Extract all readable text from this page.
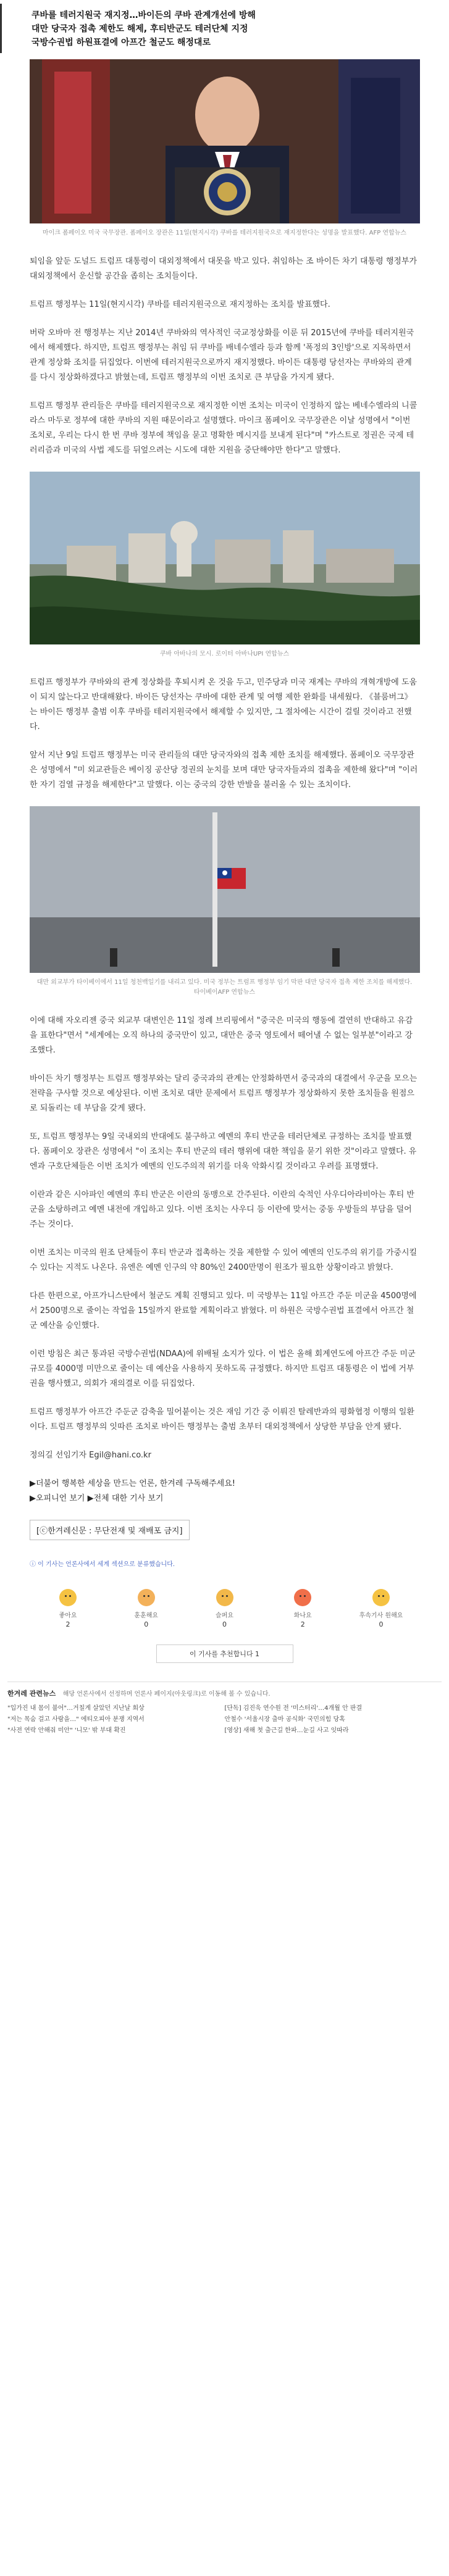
쿠바를 테러지원국 재지정…바이든의 쿠바 관계개선에 방해
대만 당국자 접촉 제한도 해제, 후티반군도 테러단체 지정
국방수권법 하원표결에 아프간 철군도 해정대로
마이크 폼페이오 미국 국무장관. 폼페이오 장관은 11일(현지시각) 쿠바를 테러지원국으로 재지정한다는 성명을 발표했다. AFP 연합뉴스

퇴임을 앞둔 도널드 트럼프 대통령이 대외정책에서 대못을 박고 있다. 취임하는 조 바이든 차기 대통령 행정부가 대외정책에서 운신할 공간을 좁히는 조치들이다.

트럼프 행정부는 11일(현지시각) 쿠바를 테러지원국으로 재지정하는 조치를 발표했다.

버락 오바마 전 행정부는 지난 2014년 쿠바와의 역사적인 국교정상화를 이룬 뒤 2015년에 쿠바를 테러지원국에서 해제했다. 하지만, 트럼프 행정부는 취임 뒤 쿠바를 배네수엘라 등과 함께 '폭정의 3인방'으로 지목하면서 관계 정상화 조치를 뒤집었다. 이번에 테러지원국으로까지 재지정했다. 바이든 대통령 당선자는 쿠바와의 관계를 다시 정상화하겠다고 밝혔는데, 트럼프 행정부의 이번 조치로 큰 부담을 가지게 됐다.

트럼프 행정부 관리들은 쿠바를 테러지원국으로 재지정한 이번 조치는 미국이 인정하지 않는 베네수엘라의 니콜라스 마두로 정부에 대한 쿠바의 지원 때문이라고 설명했다. 마이크 폼페이오 국무장관은 이날 성명에서 "이번 조치로, 우리는 다시 한 번 쿠바 정부에 책임을 묻고 명확한 메시지를 보내게 된다"며 "카스트로 정권은 국제 테러리즘과 미국의 사법 제도를 뒤엎으려는 시도에 대한 지원을 중단해야만 한다"고 말했다.

쿠바 아바나의 모시. 로이터 아바나UPI 연합뉴스

트럼프 행정부가 쿠바와의 관계 정상화를 후퇴시켜 온 것을 두고, 민주당과 미국 재계는 쿠바의 개혁개방에 도움이 되지 않는다고 반대해왔다. 바이든 당선자는 쿠바에 대한 관계 및 여행 제한 완화를 내세웠다. 《블룸버그》는 바이든 행정부 출범 이후 쿠바를 테러지원국에서 해제할 수 있지만, 그 절차에는 시간이 걸릴 것이라고 전했다.

앞서 지난 9일 트럼프 행정부는 미국 관리들의 대만 당국자와의 접촉 제한 조치를 해제했다. 폼페이오 국무장관은 성명에서 "미 외교관들은 베이징 공산당 정권의 눈치를 보며 대만 당국자들과의 접촉을 제한해 왔다"며 "이러한 자기 검열 규정을 해제한다"고 말했다. 이는 중국의 강한 반발을 불러올 수 있는 조치이다.

대만 외교부가 타이베이에서 11일 청천백일기를 내리고 있다. 미국 정부는 트럼프 행정부 임기 막판 대만 당국자 접촉 제한 조치를 해제했다. 타이베이AFP 연합뉴스

이에 대해 자오리젠 중국 외교부 대변인은 11일 정례 브리핑에서 "중국은 미국의 행동에 결연히 반대하고 유감을 표한다"면서 "세계에는 오직 하나의 중국만이 있고, 대만은 중국 영토에서 떼어낼 수 없는 일부분"이라고 강조했다.

바이든 차기 행정부는 트럼프 행정부와는 달리 중국과의 관계는 안정화하면서 중국과의 대결에서 우군을 모으는 전략을 구사할 것으로 예상된다. 이번 조치로 대만 문제에서 트럼프 행정부가 정상화하지 못한 조치들을 원점으로 되돌리는 데 부담을 갖게 됐다.

또, 트럼프 행정부는 9일 국내외의 반대에도 불구하고 예멘의 후티 반군을 테러단체로 규정하는 조치를 발표했다. 폼페이오 장관은 성명에서 "이 조치는 후티 반군의 테러 행위에 대한 책임을 묻기 위한 것"이라고 말했다. 유엔과 구호단체들은 이번 조치가 예멘의 인도주의적 위기를 더욱 악화시킬 것이라고 우려를 표명했다.

이란과 같은 시아파인 예멘의 후티 반군은 이란의 동맹으로 간주된다. 이란의 숙적인 사우디아라비아는 후티 반군을 소탕하려고 예멘 내전에 개입하고 있다. 이번 조치는 사우디 등 이란에 맞서는 중동 우방들의 부담을 덜어주는 것이다.

이번 조치는 미국의 원조 단체들이 후티 반군과 접촉하는 것을 제한할 수 있어 예멘의 인도주의 위기를 가중시킬 수 있다는 지적도 나온다. 유엔은 예멘 인구의 약 80%인 2400만명이 원조가 필요한 상황이라고 밝혔다.

다른 한편으로, 아프가니스탄에서 철군도 계획 진행되고 있다. 미 국방부는 11일 아프간 주둔 미군을 4500명에서 2500명으로 줄이는 작업을 15일까지 완료할 계획이라고 밝혔다. 미 하원은 국방수권법 표결에서 아프간 철군 예산을 승인했다.

이런 방침은 최근 통과된 국방수권법(NDAA)에 위배될 소지가 있다. 이 법은 올해 회계연도에 아프간 주둔 미군 규모를 4000명 미만으로 줄이는 데 예산을 사용하지 못하도록 규정했다. 하지만 트럼프 대통령은 이 법에 거부권을 행사했고, 의회가 재의결로 이를 뒤집었다.

트럼프 행정부가 아프간 주둔군 감축을 밀어붙이는 것은 재임 기간 중 이뤄진 탈레반과의 평화협정 이행의 일환이다. 트럼프 행정부의 잇따른 조치로 바이든 행정부는 출범 초부터 대외정책에서 상당한 부담을 안게 됐다.

정의길 선임기자 Egil@hani.co.kr

▶더불어 행복한 세상을 만드는 언론, 한겨레 구독해주세요!
▶오피니언 보기 ▶전체 대한 기사 보기
[ⓒ한겨레신문 : 무단전재 및 재배포 금지]
ⓘ 이 기사는 언론사에서 세계 섹션으로 분류했습니다.
좋아요
2
훈훈해요
0
슬퍼요
0
화나요
2
후속기사 원해요
0
이 기사를 추천합니다 1
한겨레 관련뉴스 해당 언론사에서 선정하며 언론사 페이지(아웃링크)로 이동해 볼 수 있습니다.
"입가진 내 몸이 불어"…거칠게 살았던 지난날 회상
"저는 목숨 걸고 사람을…" 에티오피아 분쟁 지역서
"사전 연락 안해줘 미안" '니모' 밖 부대 확진
[단독] 김진욱 연수원 전 '미스터리'…4개월 안 판결
안철수 '서울시장 출마 공식화' 국민의힘 당혹
[영상] 새해 첫 출근길 한파…눈길 사고 잇따라
